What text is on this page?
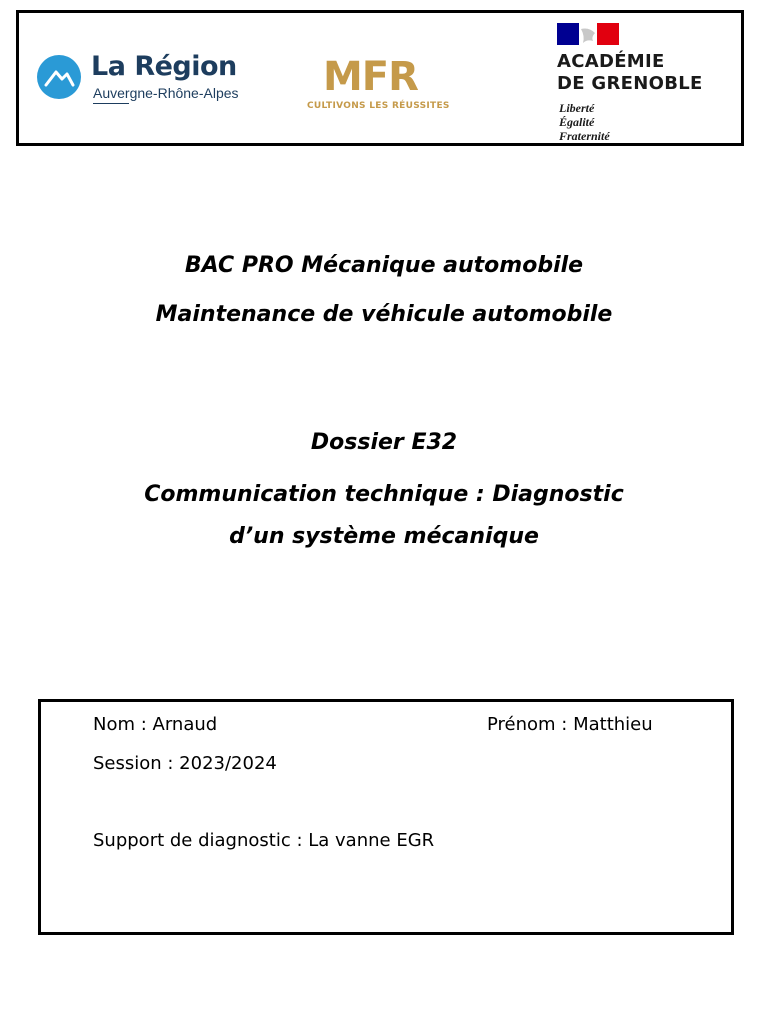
La Région
Auvergne-Rhône-Alpes MFR
CULTIVONS LES RÉUSSITES
ACADÉMIE
DE GRENOBLE
Liberté
Égalité
Fraternité
BAC PRO Mécanique automobile
Maintenance de véhicule automobile
Dossier E32
Communication technique : Diagnostic
d’un système mécanique
Nom : Arnaud	Prénom : Matthieu
Session : 2023/2024
Support de diagnostic : La vanne EGR
